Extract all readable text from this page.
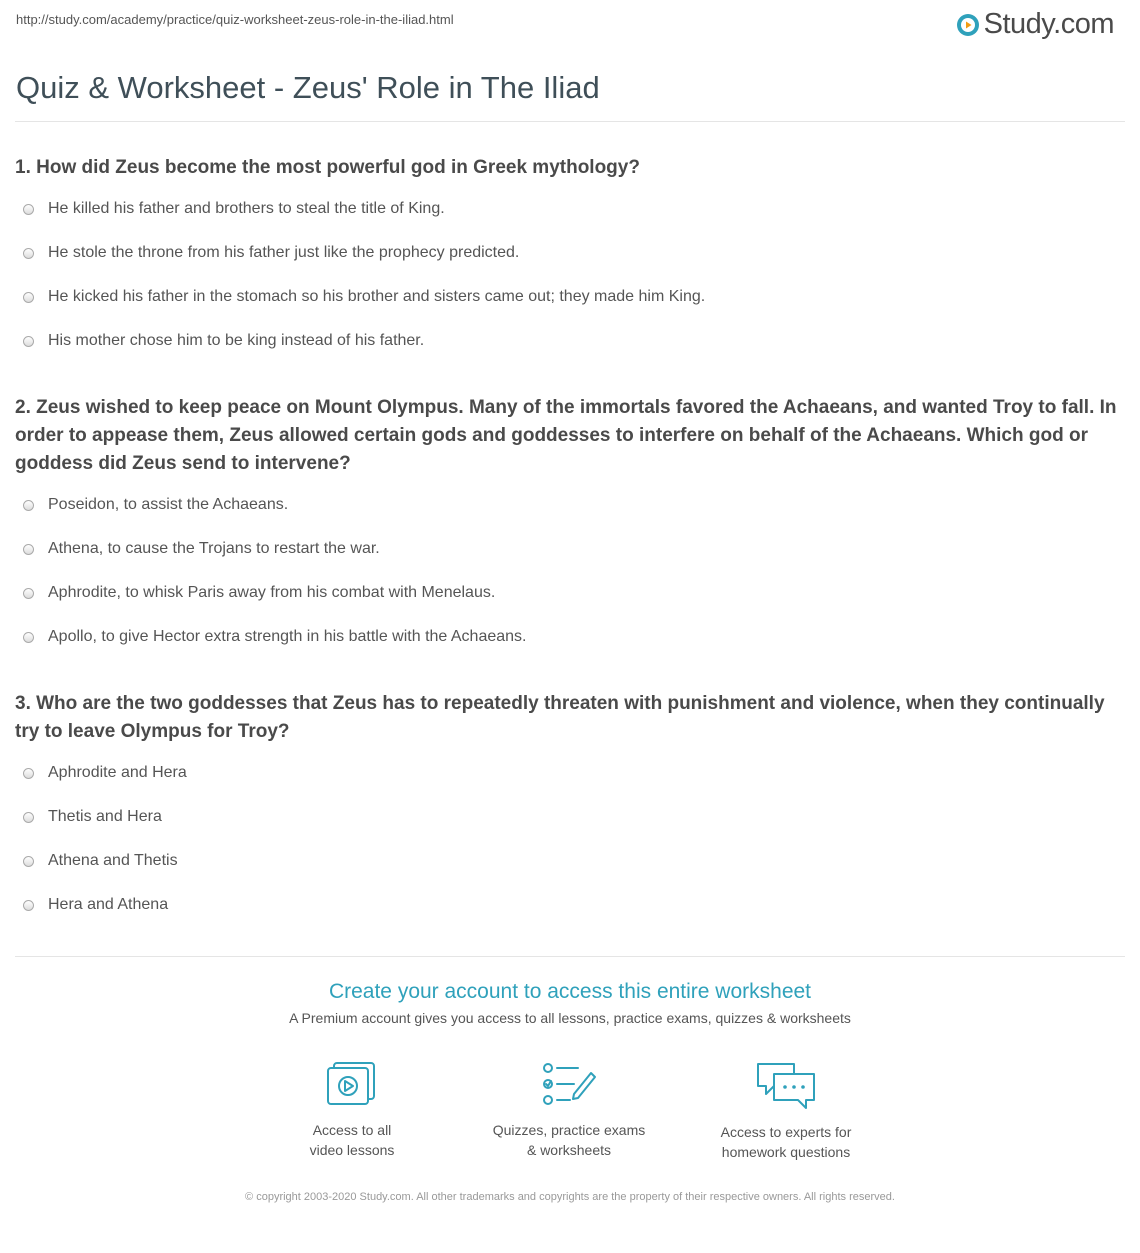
http://study.com/academy/practice/quiz-worksheet-zeus-role-in-the-iliad.html	Study.com
Quiz & Worksheet - Zeus' Role in The Iliad

1. How did Zeus become the most powerful god in Greek mythology?

He killed his father and brothers to steal the title of King.
He stole the throne from his father just like the prophecy predicted.
He kicked his father in the stomach so his brother and sisters came out; they made him King.
His mother chose him to be king instead of his father.

2. Zeus wished to keep peace on Mount Olympus. Many of the immortals favored the Achaeans, and wanted Troy to fall. In order to appease them, Zeus allowed certain gods and goddesses to interfere on behalf of the Achaeans. Which god or goddess did Zeus send to intervene?

Poseidon, to assist the Achaeans.
Athena, to cause the Trojans to restart the war.
Aphrodite, to whisk Paris away from his combat with Menelaus.
Apollo, to give Hector extra strength in his battle with the Achaeans.

3. Who are the two goddesses that Zeus has to repeatedly threaten with punishment and violence, when they continually try to leave Olympus for Troy?

Aphrodite and Hera
Thetis and Hera
Athena and Thetis
Hera and Athena
Create your account to access this entire worksheet
A Premium account gives you access to all lessons, practice exams, quizzes & worksheets
Access to all
video lessons
Quizzes, practice exams
& worksheets
Access to experts for
homework questions
© copyright 2003-2020 Study.com. All other trademarks and copyrights are the property of their respective owners. All rights reserved.
